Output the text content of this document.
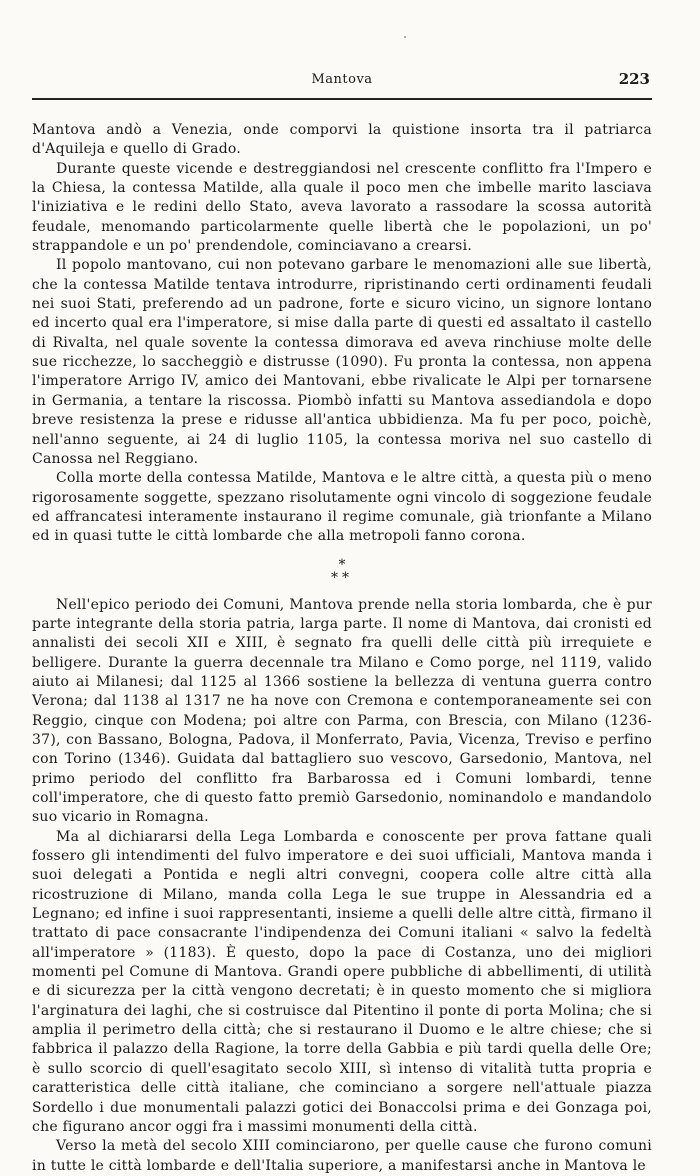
Mantova	223

Mantova andò a Venezia, onde comporvi la quistione insorta tra il patriarca d'Aquileja e quello di Grado.

Durante queste vicende e destreggiandosi nel crescente conflitto fra l'Impero e la Chiesa, la contessa Matilde, alla quale il poco men che imbelle marito lasciava l'iniziativa e le redini dello Stato, aveva lavorato a rassodare la scossa autorità feudale, menomando particolarmente quelle libertà che le popolazioni, un po' strappandole e un po' prendendole, cominciavano a crearsi.

Il popolo mantovano, cui non potevano garbare le menomazioni alle sue libertà, che la contessa Matilde tentava introdurre, ripristinando certi ordinamenti feudali nei suoi Stati, preferendo ad un padrone, forte e sicuro vicino, un signore lontano ed incerto qual era l'imperatore, si mise dalla parte di questi ed assaltato il castello di Rivalta, nel quale sovente la contessa dimorava ed aveva rinchiuse molte delle sue ricchezze, lo saccheggiò e distrusse (1090). Fu pronta la contessa, non appena l'imperatore Arrigo IV, amico dei Mantovani, ebbe rivalicate le Alpi per tornarsene in Germania, a tentare la riscossa. Piombò infatti su Mantova assediandola e dopo breve resistenza la prese e ridusse all'antica ubbidienza. Ma fu per poco, poichè, nell'anno seguente, ai 24 di luglio 1105, la contessa moriva nel suo castello di Canossa nel Reggiano.

Colla morte della contessa Matilde, Mantova e le altre città, a questa più o meno rigorosamente soggette, spezzano risolutamente ogni vincolo di soggezione feudale ed affrancatesi interamente instaurano il regime comunale, già trionfante a Milano ed in quasi tutte le città lombarde che alla metropoli fanno corona.

*
**

Nell'epico periodo dei Comuni, Mantova prende nella storia lombarda, che è pur parte integrante della storia patria, larga parte. Il nome di Mantova, dai cronisti ed annalisti dei secoli XII e XIII, è segnato fra quelli delle città più irrequiete e belligere. Durante la guerra decennale tra Milano e Como porge, nel 1119, valido aiuto ai Milanesi; dal 1125 al 1366 sostiene la bellezza di ventuna guerra contro Verona; dal 1138 al 1317 ne ha nove con Cremona e contemporaneamente sei con Reggio, cinque con Modena; poi altre con Parma, con Brescia, con Milano (1236-37), con Bassano, Bologna, Padova, il Monferrato, Pavia, Vicenza, Treviso e perfino con Torino (1346). Guidata dal battagliero suo vescovo, Garsedonio, Mantova, nel primo periodo del conflitto fra Barbarossa ed i Comuni lombardi, tenne coll'imperatore, che di questo fatto premiò Garsedonio, nominandolo e mandandolo suo vicario in Romagna.

Ma al dichiararsi della Lega Lombarda e conoscente per prova fattane quali fossero gli intendimenti del fulvo imperatore e dei suoi ufficiali, Mantova manda i suoi delegati a Pontida e negli altri convegni, coopera colle altre città alla ricostruzione di Milano, manda colla Lega le sue truppe in Alessandria ed a Legnano; ed infine i suoi rappresentanti, insieme a quelli delle altre città, firmano il trattato di pace consacrante l'indipendenza dei Comuni italiani « salvo la fedeltà all'imperatore » (1183). È questo, dopo la pace di Costanza, uno dei migliori momenti pel Comune di Mantova. Grandi opere pubbliche di abbellimenti, di utilità e di sicurezza per la città vengono decretati; è in questo momento che si migliora l'arginatura dei laghi, che si costruisce dal Pitentino il ponte di porta Molina; che si amplia il perimetro della città; che si restaurano il Duomo e le altre chiese; che si fabbrica il palazzo della Ragione, la torre della Gabbia e più tardi quella delle Ore; è sullo scorcio di quell'esagitato secolo XIII, sì intenso di vitalità tutta propria e caratteristica delle città italiane, che cominciano a sorgere nell'attuale piazza Sordello i due monumentali palazzi gotici dei Bonaccolsi prima e dei Gonzaga poi, che figurano ancor oggi fra i massimi monumenti della città.

Verso la metà del secolo XIII cominciarono, per quelle cause che furono comuni in tutte le città lombarde e dell'Italia superiore, a manifestarsi anche in Mantova le
